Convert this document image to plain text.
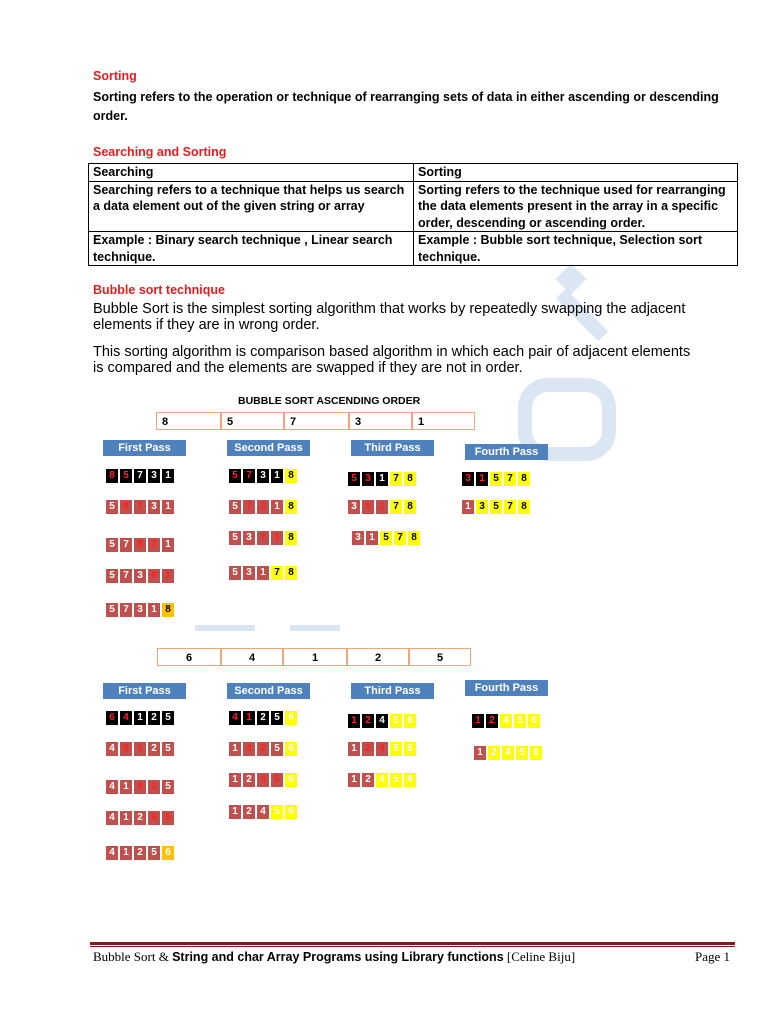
Sorting
Sorting refers to the operation or technique of rearranging sets of data in either ascending or descending
order.
Searching and Sorting
Searching	Sorting
Searching refers to a technique that helps us search a data element out of the given string or array	Sorting refers to the technique used for rearranging the data elements present in the array in a specific order, descending or ascending order.
Example : Binary search technique , Linear search technique.	Example : Bubble sort technique, Selection sort technique.
Bubble sort technique
Bubble Sort is the simplest sorting algorithm that works by repeatedly swapping the adjacent
elements if they are in wrong order.
This sorting algorithm is comparison based algorithm in which each pair of adjacent elements
is compared and the elements are swapped if they are not in order.
BUBBLE SORT ASCENDING ORDER
8	5	7	3	1
First Pass	Second Pass	Third Pass	Fourth Pass
8 5 7 3 1
5 8 7 3 1
5 7 8 3 1
5 7 3 8 1
5 7 3 1 8
5 7 3 1 8
5 7 3 1 8
5 3 7 1 8
5 3 1 7 8
5 3 1 7 8
3 5 1 7 8
3 1 5 7 8
3 1 5 7 8
1 3 5 7 8
6	4	1	2	5
First Pass	Second Pass	Third Pass	Fourth Pass
6 4 1 2 5
4 6 1 2 5
4 1 6 2 5
4 1 2 6 5
4 1 2 5 6
4 1 2 5 6
1 4 2 5 6
1 2 4 5 6
1 2 4 5 6
1 2 4 5 6
1 2 4 5 6
1 2 4 5 6
1 2 4 5 6
1 2 4 5 6
Bubble Sort & String and char Array Programs using Library functions [Celine Biju]	Page 1
